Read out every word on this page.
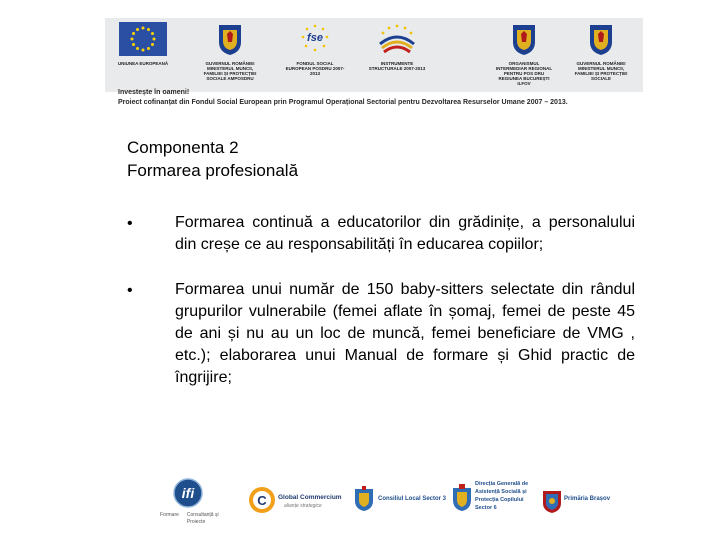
UNIUNEA EUROPEANĂ	GUVERNUL ROMÂNIEI MINISTERUL MUNCII, FAMILIEI ȘI PROTECȚIEI SOCIALE AMPOSDRU
fse
FONDUL SOCIAL EUROPEAN POSDRU 2007-2013
INSTRUMENTE STRUCTURALE 2007-2013
ORGANISMUL INTERMEDIAR REGIONAL PENTRU POS DRU REGIUNEA BUCUREȘTI ILFOV
GUVERNUL ROMÂNIEI MINISTERUL MUNCII, FAMILIEI ȘI PROTECȚIEI SOCIALE
Investește în oameni!
Proiect cofinanțat din Fondul Social European prin Programul Operațional Sectorial pentru Dezvoltarea Resurselor Umane 2007 – 2013.
Componenta 2
Formarea profesională
•	Formarea continuă a educatorilor din grădinițe, a personalului din creșe ce au responsabilități în educarea copiilor;
•	Formarea unui număr de 150 baby-sitters selectate din rândul grupurilor vulnerabile (femei aflate în șomaj, femei de peste 45 de ani și nu au un loc de muncă, femei beneficiare de VMG , etc.); elaborarea unui Manual de formare și Ghid practic de îngrijire;
ifi
Formare Consultanță și Proiecte
C Global Commercium
alianțe strategice
Consiliul Local Sector 3
Direcția Generală de
Asistență Socială și
Protecția Copilului
Sector 6
Primăria Brașov
